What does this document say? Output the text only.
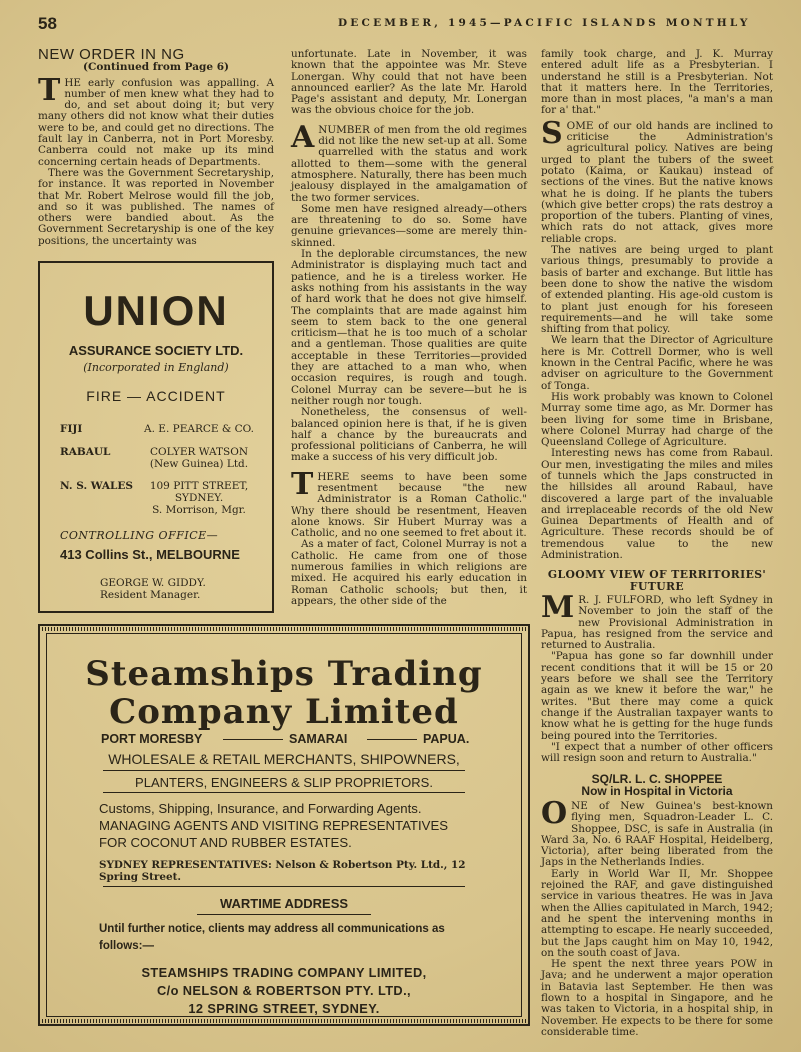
58	DECEMBER, 1945—PACIFIC ISLANDS MONTHLY
NEW ORDER IN NG
(Continued from Page 6)

THE early confusion was appalling. A number of men knew what they had to do, and set about doing it; but very many others did not know what their duties were to be, and could get no directions. The fault lay in Canberra, not in Port Moresby. Canberra could not make up its mind concerning certain heads of Departments.

There was the Government Secretaryship, for instance. It was reported in November that Mr. Robert Melrose would fill the job, and so it was published. The names of others were bandied about. As the Government Secretaryship is one of the key positions, the uncertainty was

UNION
ASSURANCE SOCIETY LTD.
(Incorporated in England)
FIRE — ACCIDENT
FIJI	A. E. PEARCE & CO.
RABAUL	COLYER WATSON
(New Guinea) Ltd.
N. S. WALES	109 PITT STREET,
SYDNEY.
S. Morrison, Mgr.
CONTROLLING OFFICE—
413 Collins St., MELBOURNE
GEORGE W. GIDDY.
Resident Manager.

unfortunate. Late in November, it was known that the appointee was Mr. Steve Lonergan. Why could that not have been announced earlier? As the late Mr. Harold Page's assistant and deputy, Mr. Lonergan was the obvious choice for the job.

ANUMBER of men from the old regimes did not like the new set-up at all. Some quarrelled with the status and work allotted to them—some with the general atmosphere. Naturally, there has been much jealousy displayed in the amalgamation of the two former services.

Some men have resigned already—others are threatening to do so. Some have genuine grievances—some are merely thin-skinned.

In the deplorable circumstances, the new Administrator is displaying much tact and patience, and he is a tireless worker. He asks nothing from his assistants in the way of hard work that he does not give himself. The complaints that are made against him seem to stem back to the one general criticism—that he is too much of a scholar and a gentleman. Those qualities are quite acceptable in these Territories—provided they are attached to a man who, when occasion requires, is rough and tough. Colonel Murray can be severe—but he is neither rough nor tough.

Nonetheless, the consensus of well-balanced opinion here is that, if he is given half a chance by the bureaucrats and professional politicians of Canberra, he will make a success of his very difficult job.

THERE seems to have been some resentment because "the new Administrator is a Roman Catholic." Why there should be resentment, Heaven alone knows. Sir Hubert Murray was a Catholic, and no one seemed to fret about it.

As a mater of fact, Colonel Murray is not a Catholic. He came from one of those numerous families in which religions are mixed. He acquired his early education in Roman Catholic schools; but then, it appears, the other side of the

family took charge, and J. K. Murray entered adult life as a Presbyterian. I understand he still is a Presbyterian. Not that it matters here. In the Territories, more than in most places, "a man's a man for a' that."

SOME of our old hands are inclined to criticise the Administration's agricultural policy. Natives are being urged to plant the tubers of the sweet potato (Kaima, or Kaukau) instead of sections of the vines. But the native knows what he is doing. If he plants the tubers (which give better crops) the rats destroy a proportion of the tubers. Planting of vines, which rats do not attack, gives more reliable crops.

The natives are being urged to plant various things, presumably to provide a basis of barter and exchange. But little has been done to show the native the wisdom of extended planting. His age-old custom is to plant just enough for his foreseen requirements—and he will take some shifting from that policy.

We learn that the Director of Agriculture here is Mr. Cottrell Dormer, who is well known in the Central Pacific, where he was adviser on agriculture to the Government of Tonga.

His work probably was known to Colonel Murray some time ago, as Mr. Dormer has been living for some time in Brisbane, where Colonel Murray had charge of the Queensland College of Agriculture.

Interesting news has come from Rabaul. Our men, investigating the miles and miles of tunnels which the Japs constructed in the hillsides all around Rabaul, have discovered a large part of the invaluable and irreplaceable records of the old New Guinea Departments of Health and of Agriculture. These records should be of tremendous value to the new Administration.

GLOOMY VIEW OF TERRITORIES' FUTURE

M R. J. FULFORD, who left Sydney in November to join the staff of the new Provisional Administration in Papua, has resigned from the service and returned to Australia.

"Papua has gone so far downhill under recent conditions that it will be 15 or 20 years before we shall see the Territory again as we knew it before the war," he writes. "But there may come a quick change if the Australian taxpayer wants to know what he is getting for the huge funds being poured into the Territories.

"I expect that a number of other officers will resign soon and return to Australia."

SQ/LR. L. C. SHOPPEE
Now in Hospital in Victoria

ONE of New Guinea's best-known flying men, Squadron-Leader L. C. Shoppee, DSC, is safe in Australia (in Ward 3a, No. 6 RAAF Hospital, Heidelberg, Victoria), after being liberated from the Japs in the Netherlands Indies.

Early in World War II, Mr. Shoppee rejoined the RAF, and gave distinguished service in various theatres. He was in Java when the Allies capitulated in March, 1942; and he spent the intervening months in attempting to escape. He nearly succeeded, but the Japs caught him on May 10, 1942, on the south coast of Java.

He spent the next three years POW in Java; and he underwent a major operation in Batavia last September. He then was flown to a hospital in Singapore, and he was taken to Victoria, in a hospital ship, in November. He expects to be there for some considerable time.

Steamships Trading
Company Limited
PORT MORESBY	SAMARAI	PAPUA.
WHOLESALE & RETAIL MERCHANTS, SHIPOWNERS,
PLANTERS, ENGINEERS & SLIP PROPRIETORS.
Customs, Shipping, Insurance, and Forwarding Agents. MANAGING AGENTS AND VISITING REPRESENTATIVES FOR COCONUT AND RUBBER ESTATES.
SYDNEY REPRESENTATIVES: Nelson & Robertson Pty. Ltd., 12 Spring Street.
WARTIME ADDRESS
Until further notice, clients may address all communications as follows:—
STEAMSHIPS TRADING COMPANY LIMITED,
C/o NELSON & ROBERTSON PTY. LTD.,
12 SPRING STREET, SYDNEY.
